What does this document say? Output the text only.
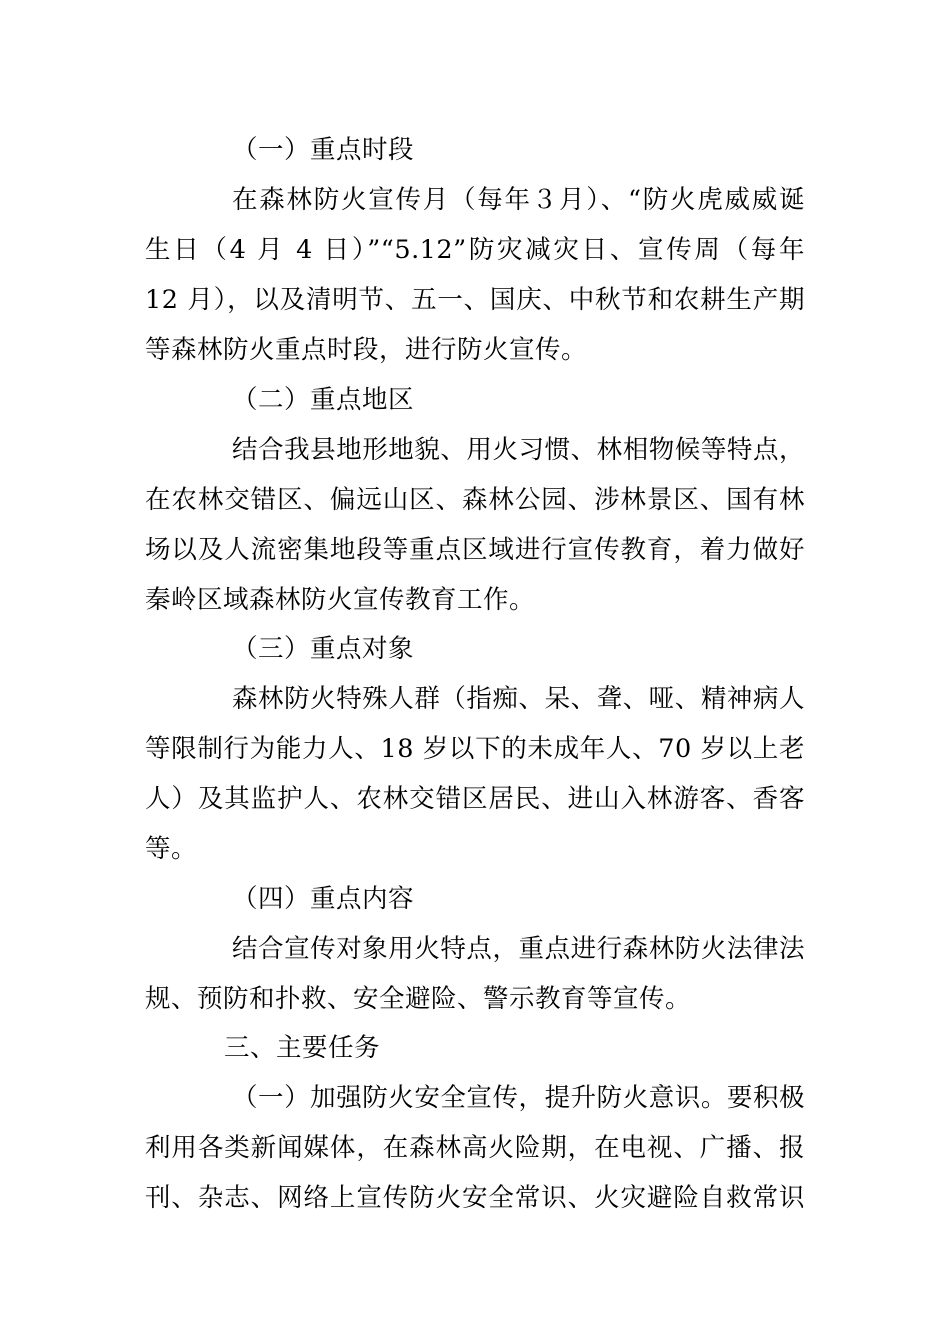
（一）重点时段
在森林防火宣传月（每年３月）、“防火虎威威诞
生日（4 月 4 日）”“5.12”防灾减灾日、宣传周（每年
12 月），以及清明节、五一、国庆、中秋节和农耕生产期
等森林防火重点时段，进行防火宣传。
（二）重点地区
结合我县地形地貌、用火习惯、林相物候等特点，
在农林交错区、偏远山区、森林公园、涉林景区、国有林
场以及人流密集地段等重点区域进行宣传教育，着力做好
秦岭区域森林防火宣传教育工作。
（三）重点对象
森林防火特殊人群（指痴、呆、聋、哑、精神病人
等限制行为能力人、18 岁以下的未成年人、70 岁以上老
人）及其监护人、农林交错区居民、进山入林游客、香客
等。
（四）重点内容
结合宣传对象用火特点，重点进行森林防火法律法
规、预防和扑救、安全避险、警示教育等宣传。
三、主要任务
（一）加强防火安全宣传，提升防火意识。要积极
利用各类新闻媒体，在森林高火险期，在电视、广播、报
刊、杂志、网络上宣传防火安全常识、火灾避险自救常识
